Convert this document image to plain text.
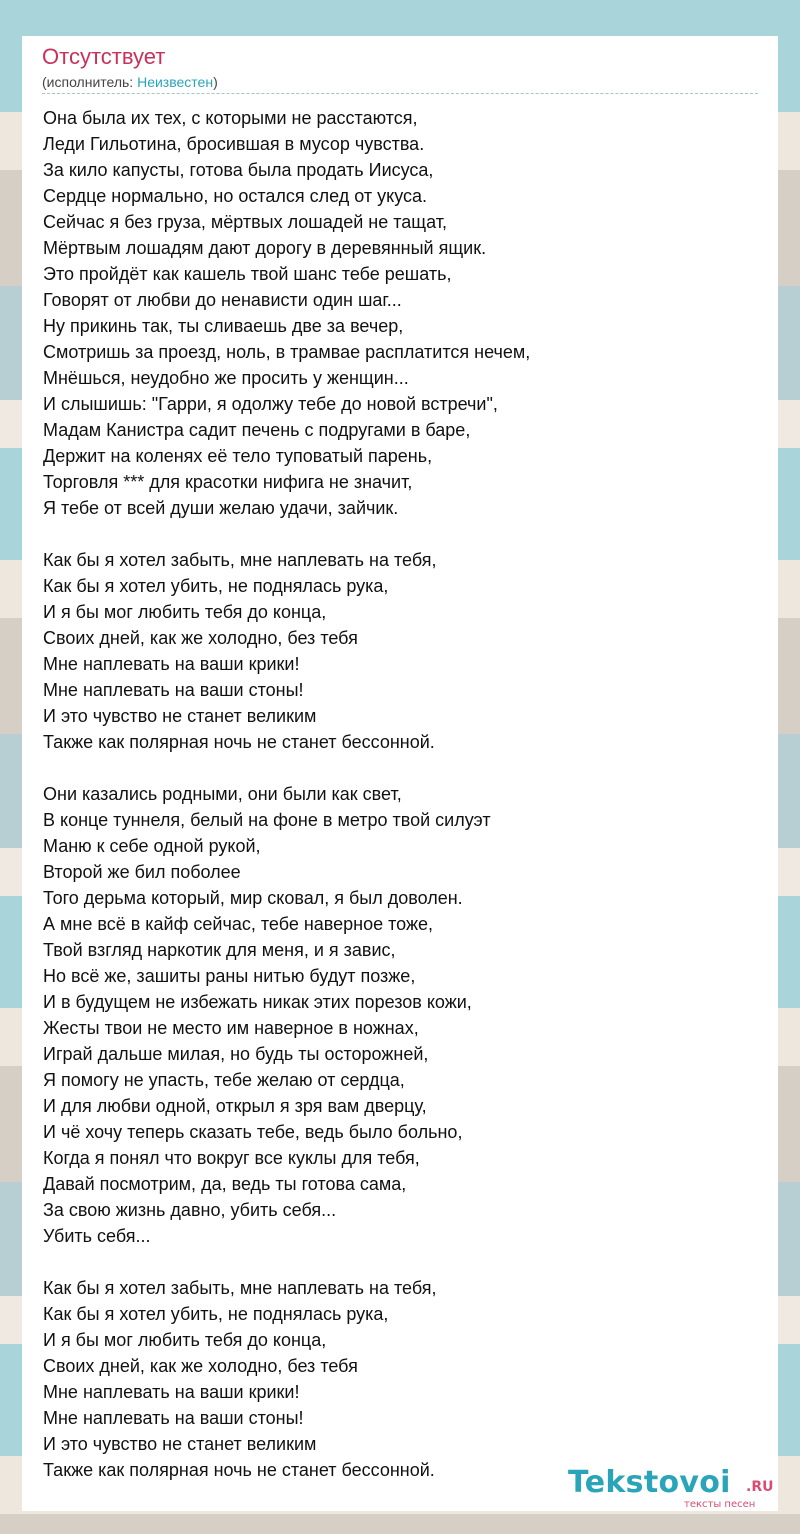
Отсутствует
(исполнитель: Неизвестен)
Она была их тех, с которыми не расстаются,
Леди Гильотина, бросившая в мусор чувства.
За кило капусты, готова была продать Иисуса,
Сердце нормально, но остался след от укуса.
Сейчас я без груза, мёртвых лошадей не тащат,
Мёртвым лошадям дают дорогу в деревянный ящик.
Это пройдёт как кашель твой шанс тебе решать,
Говорят от любви до ненависти один шаг...
Ну прикинь так, ты сливаешь две за вечер,
Смотришь за проезд, ноль, в трамвае расплатится нечем,
Мнёшься, неудобно же просить у женщин...
И слышишь: "Гарри, я одолжу тебе до новой встречи",
Мадам Канистра садит печень с подругами в баре,
Держит на коленях её тело туповатый парень,
Торговля *** для красотки нифига не значит,
Я тебе от всей души желаю удачи, зайчик.
Как бы я хотел забыть, мне наплевать на тебя,
Как бы я хотел убить, не поднялась рука,
И я бы мог любить тебя до конца,
Своих дней, как же холодно, без тебя
Мне наплевать на ваши крики!
Мне наплевать на ваши стоны!
И это чувство не станет великим
Также как полярная ночь не станет бессонной.
Они казались родными, они были как свет,
В конце туннеля, белый на фоне в метро твой силуэт
Маню к себе одной рукой,
Второй же бил поболее
Того дерьма который, мир сковал, я был доволен.
А мне всё в кайф сейчас, тебе наверное тоже,
Твой взгляд наркотик для меня, и я завис,
Но всё же, зашиты раны нитью будут позже,
И в будущем не избежать никак этих порезов кожи,
Жесты твои не место им наверное в ножнах,
Играй дальше милая, но будь ты осторожней,
Я помогу не упасть, тебе желаю от сердца,
И для любви одной, открыл я зря вам дверцу,
И чё хочу теперь сказать тебе, ведь было больно,
Когда я понял что вокруг все куклы для тебя,
Давай посмотрим, да, ведь ты готова сама,
За свою жизнь давно, убить себя...
Убить себя...
Как бы я хотел забыть, мне наплевать на тебя,
Как бы я хотел убить, не поднялась рука,
И я бы мог любить тебя до конца,
Своих дней, как же холодно, без тебя
Мне наплевать на ваши крики!
Мне наплевать на ваши стоны!
И это чувство не станет великим
Также как полярная ночь не станет бессонной.	Tekstovoi .RU
тексты песен
